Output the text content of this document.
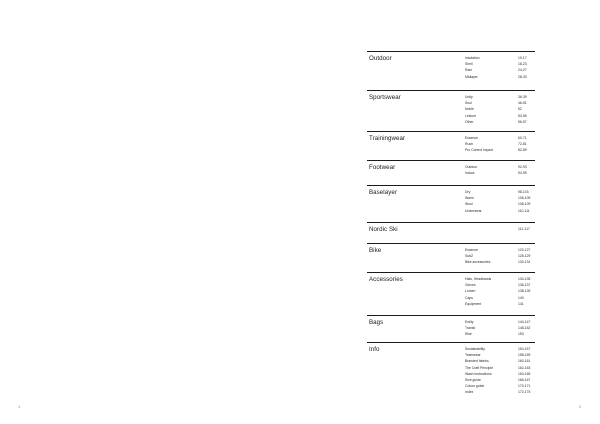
4	5
Outdoor	Insulation	10-17
Shell	18-23
Rain	24-27
Midlayer	28-33
Sportswear	Unity	36-39
Soul	46-51
Noble	52
Leisure	53-55
Other	56-57
Trainingwear	Essence	60-71
Rush	72-81
Pro Control impact	82-89
Footwear	Outdoor	92-93
Indoor	94-95
Baselayer	Dry	98-103
Warm	106-109
Wool	108-109
Underwear	110-111
Nordic Ski	112-117
Bike	Essence	120-127
SubZ	128-129
Bike accessories	130-131
Accessories	Hats, Headbands	134-135
Gloves	136-137
Lumen	138-139
Caps	140
Equipment	141
Bags	Entity	144-147
Transit	148-152
Rise	153
Info	Sustainability	154-157
Teamwear	158-159
Branded fabrics	160-161
The Craft Principle	162-163
Wash instructions	163-165
Size guide	166-167
Colour guide	170-171
Index	172-175
